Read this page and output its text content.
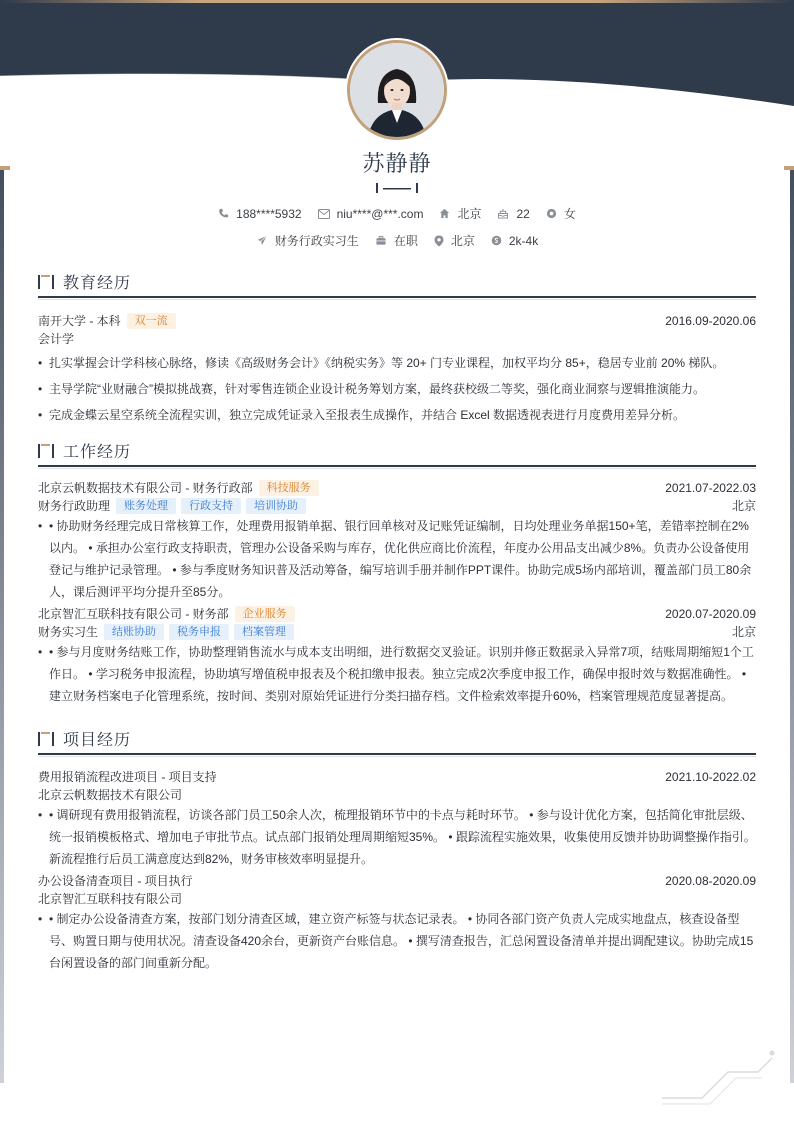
苏静静
188****5932	niu****@***.com	北京	22	女
财务行政实习生	在职	北京	2k-4k
教育经历
南开大学 - 本科 双一流	2016.09-2020.06
会计学
• 扎实掌握会计学科核心脉络，修读《高级财务会计》《纳税实务》等 20+ 门专业课程，加权平均分 85+，稳居专业前 20% 梯队。
• 主导学院“业财融合”模拟挑战赛，针对零售连锁企业设计税务筹划方案，最终获校级二等奖，强化商业洞察与逻辑推演能力。
• 完成金蝶云星空系统全流程实训，独立完成凭证录入至报表生成操作，并结合 Excel 数据透视表进行月度费用差异分析。
工作经历
北京云帆数据技术有限公司 - 财务行政部 科技服务	2021.07-2022.03
财务行政助理 账务处理 行政支持 培训协助	北京
• • 协助财务经理完成日常核算工作，处理费用报销单据、银行回单核对及记账凭证编制，日均处理业务单据150+笔，差错率控制在2%以内。 • 承担办公室行政支持职责，管理办公设备采购与库存，优化供应商比价流程，年度办公用品支出减少8%。负责办公设备使用登记与维护记录管理。 • 参与季度财务知识普及活动筹备，编写培训手册并制作PPT课件。协助完成5场内部培训，覆盖部门员工80余人，课后测评平均分提升至85分。
北京智汇互联科技有限公司 - 财务部 企业服务	2020.07-2020.09
财务实习生 结账协助 税务申报 档案管理	北京
• • 参与月度财务结账工作，协助整理销售流水与成本支出明细，进行数据交叉验证。识别并修正数据录入异常7项，结账周期缩短1个工作日。 • 学习税务申报流程，协助填写增值税申报表及个税扣缴申报表。独立完成2次季度申报工作，确保申报时效与数据准确性。 • 建立财务档案电子化管理系统，按时间、类别对原始凭证进行分类扫描存档。文件检索效率提升60%，档案管理规范度显著提高。
项目经历
费用报销流程改进项目 - 项目支持	2021.10-2022.02
北京云帆数据技术有限公司
• • 调研现有费用报销流程，访谈各部门员工50余人次，梳理报销环节中的卡点与耗时环节。 • 参与设计优化方案，包括简化审批层级、统一报销模板格式、增加电子审批节点。试点部门报销处理周期缩短35%。 • 跟踪流程实施效果，收集使用反馈并协助调整操作指引。新流程推行后员工满意度达到82%，财务审核效率明显提升。
办公设备清查项目 - 项目执行	2020.08-2020.09
北京智汇互联科技有限公司
• • 制定办公设备清查方案，按部门划分清查区域，建立资产标签与状态记录表。 • 协同各部门资产负责人完成实地盘点，核查设备型号、购置日期与使用状况。清查设备420余台，更新资产台账信息。 • 撰写清查报告，汇总闲置设备清单并提出调配建议。协助完成15台闲置设备的部门间重新分配。
